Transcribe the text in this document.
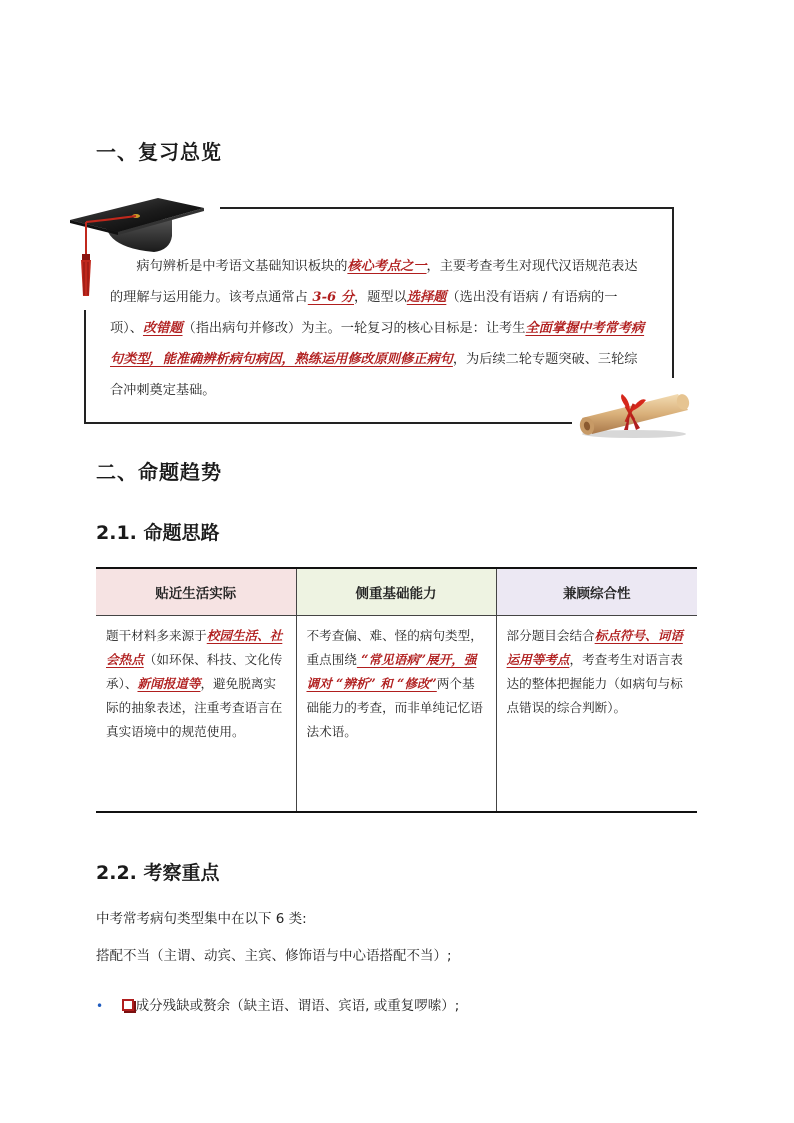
一、复习总览

病句辨析是中考语文基础知识板块的核心考点之一，主要考查考生对现代汉语规范表达的理解与运用能力。该考点通常占 3-6 分，题型以选择题（选出没有语病 / 有语病的一项）、改错题（指出病句并修改）为主。一轮复习的核心目标是：让考生全面掌握中考常考病句类型，能准确辨析病句病因，熟练运用修改原则修正病句，为后续二轮专题突破、三轮综合冲刺奠定基础。

二、命题趋势
2.1. 命题思路
贴近生活实际	侧重基础能力	兼顾综合性
题干材料多来源于校园生活、社会热点（如环保、科技、文化传承）、新闻报道等，避免脱离实际的抽象表述，注重考查语言在真实语境中的规范使用。	不考查偏、难、怪的病句类型，重点围绕 “常见语病”展开，强调对 “辨析” 和 “修改”两个基础能力的考查，而非单纯记忆语法术语。	部分题目会结合标点符号、词语运用等考点，考查考生对语言表达的整体把握能力（如病句与标点错误的综合判断）。
2.2. 考察重点
中考常考病句类型集中在以下 6 类:
搭配不当（主谓、动宾、主宾、修饰语与中心语搭配不当）;
• 成分残缺或赘余（缺主语、谓语、宾语, 或重复啰嗦）;
